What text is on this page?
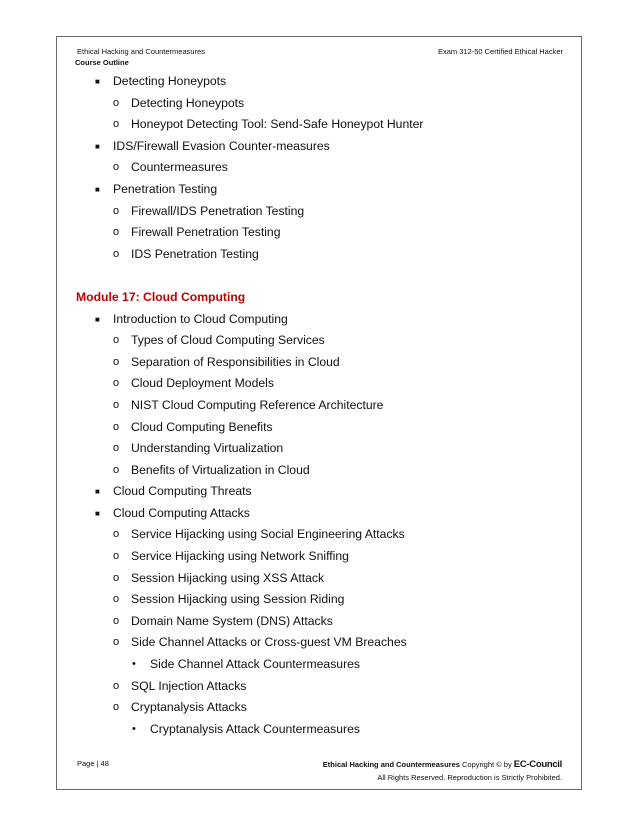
Ethical Hacking and Countermeasures
Course Outline
Exam 312-50 Certified Ethical Hacker
■ Detecting Honeypots
o Detecting Honeypots
o Honeypot Detecting Tool: Send-Safe Honeypot Hunter
■ IDS/Firewall Evasion Counter-measures
o Countermeasures
■ Penetration Testing
o Firewall/IDS Penetration Testing
o Firewall Penetration Testing
o IDS Penetration Testing
Module 17: Cloud Computing
■ Introduction to Cloud Computing
o Types of Cloud Computing Services
o Separation of Responsibilities in Cloud
o Cloud Deployment Models
o NIST Cloud Computing Reference Architecture
o Cloud Computing Benefits
o Understanding Virtualization
o Benefits of Virtualization in Cloud
■ Cloud Computing Threats
■ Cloud Computing Attacks
o Service Hijacking using Social Engineering Attacks
o Service Hijacking using Network Sniffing
o Session Hijacking using XSS Attack
o Session Hijacking using Session Riding
o Domain Name System (DNS) Attacks
o Side Channel Attacks or Cross-guest VM Breaches
• Side Channel Attack Countermeasures
o SQL Injection Attacks
o Cryptanalysis Attacks
• Cryptanalysis Attack Countermeasures
Page | 48	Ethical Hacking and Countermeasures Copyright © by EC-Council
All Rights Reserved. Reproduction is Strictly Prohibited.
